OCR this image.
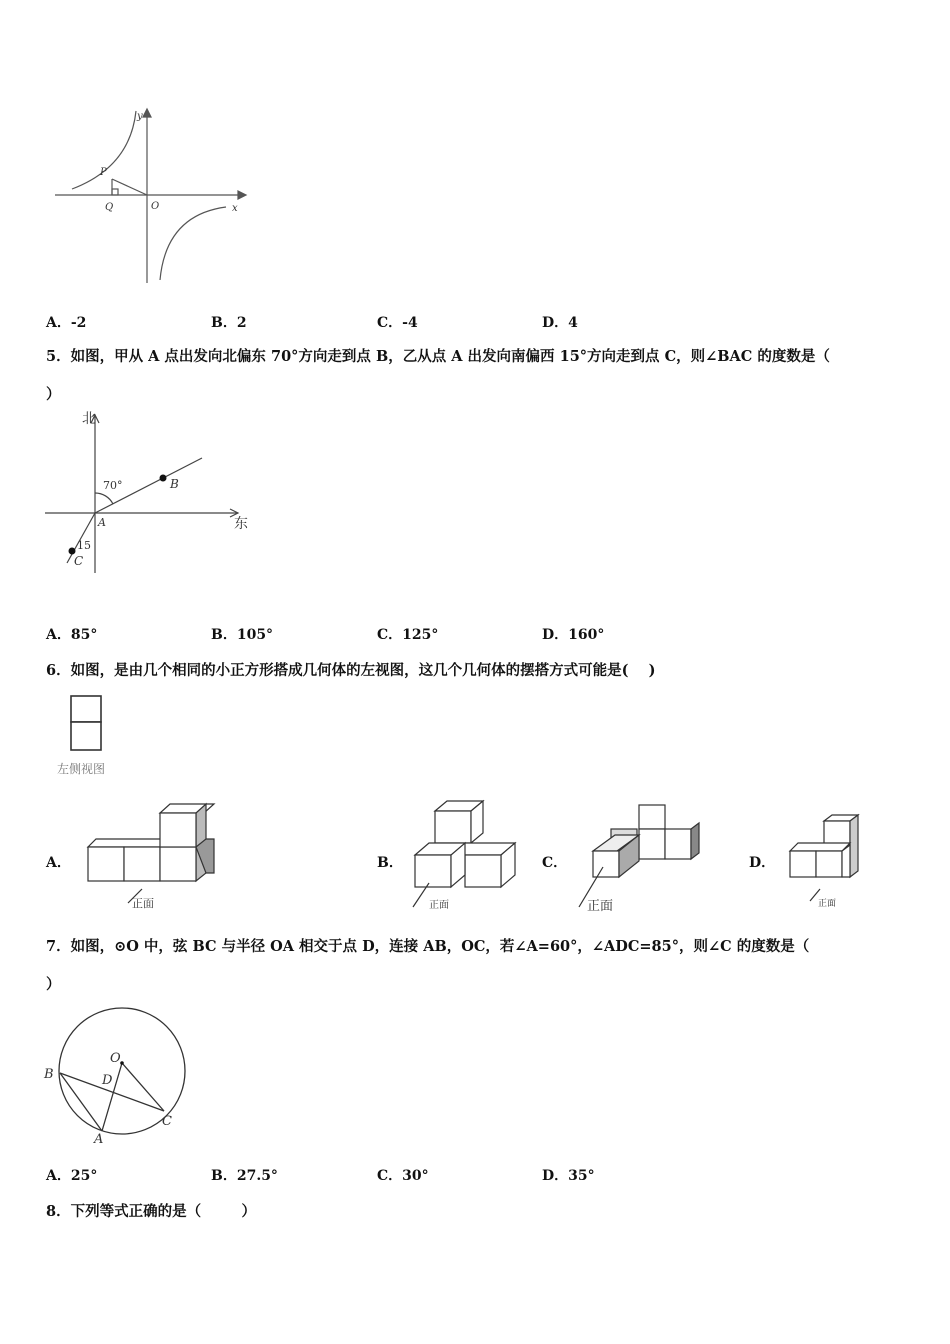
y
x
P
Q	O
A．-2	B．2	C．-4	D．4
5．如图，甲从 A 点出发向北偏东 70°方向走到点 B，乙从点 A 出发向南偏西 15°方向走到点 C，则∠BAC 的度数是（
）
北
东
70°
15
A
B
C
A．85°	B．105°	C．125°	D．160°
6．如图，是由几个相同的小正方形搭成几何体的左视图，这几个几何体的摆搭方式可能是(    )
左侧视图
A．
正面
B．
正面
C．
正面
D．
正面
7．如图，⊙O 中，弦 BC 与半径 OA 相交于点 D，连接 AB，OC，若∠A=60°，∠ADC=85°，则∠C 的度数是（
）
O
B	D
A
C
A．25°	B．27.5°	C．30°	D．35°
8．下列等式正确的是（        ）
